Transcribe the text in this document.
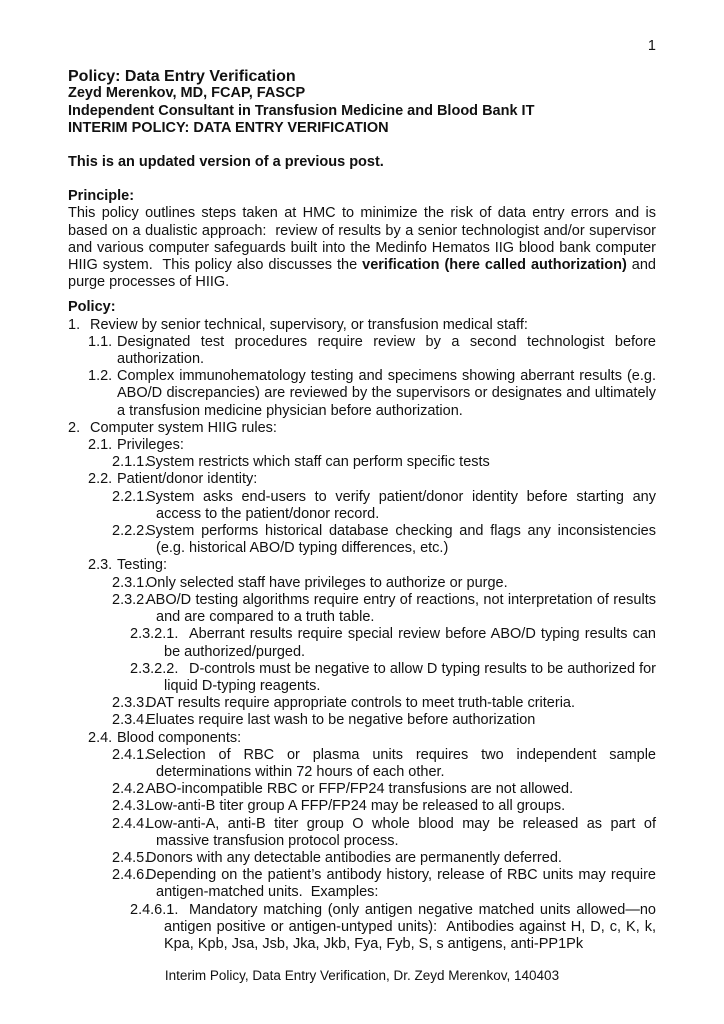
1
Policy: Data Entry Verification
Zeyd Merenkov, MD, FCAP, FASCP
Independent Consultant in Transfusion Medicine and Blood Bank IT
INTERIM POLICY: DATA ENTRY VERIFICATION
This is an updated version of a previous post.
Principle:
This policy outlines steps taken at HMC to minimize the risk of data entry errors and is based on a dualistic approach:  review of results by a senior technologist and/or supervisor and various computer safeguards built into the Medinfo Hematos IIG blood bank computer HIIG system.  This policy also discusses the verification (here called authorization) and purge processes of HIIG.
Policy:
1. Review by senior technical, supervisory, or transfusion medical staff:
1.1. Designated test procedures require review by a second technologist before authorization.
1.2. Complex immunohematology testing and specimens showing aberrant results (e.g. ABO/D discrepancies) are reviewed by the supervisors or designates and ultimately a transfusion medicine physician before authorization.
2. Computer system HIIG rules:
2.1. Privileges:
2.1.1.System restricts which staff can perform specific tests
2.2. Patient/donor identity:
2.2.1.System asks end-users to verify patient/donor identity before starting any access to the patient/donor record.
2.2.2.System performs historical database checking and flags any inconsistencies (e.g. historical ABO/D typing differences, etc.)
2.3. Testing:
2.3.1.Only selected staff have privileges to authorize or purge.
2.3.2.ABO/D testing algorithms require entry of reactions, not interpretation of results and are compared to a truth table.
2.3.2.1. Aberrant results require special review before ABO/D typing results can be authorized/purged.
2.3.2.2. D-controls must be negative to allow D typing results to be authorized for liquid D-typing reagents.
2.3.3.DAT results require appropriate controls to meet truth-table criteria.
2.3.4.Eluates require last wash to be negative before authorization
2.4. Blood components:
2.4.1.Selection of RBC or plasma units requires two independent sample determinations within 72 hours of each other.
2.4.2.ABO-incompatible RBC or FFP/FP24 transfusions are not allowed.
2.4.3.Low-anti-B titer group A FFP/FP24 may be released to all groups.
2.4.4.Low-anti-A, anti-B titer group O whole blood may be released as part of massive transfusion protocol process.
2.4.5.Donors with any detectable antibodies are permanently deferred.
2.4.6.Depending on the patient’s antibody history, release of RBC units may require antigen-matched units.  Examples:
2.4.6.1. Mandatory matching (only antigen negative matched units allowed—no antigen positive or antigen-untyped units):  Antibodies against H, D, c, K, k, Kpa, Kpb, Jsa, Jsb, Jka, Jkb, Fya, Fyb, S, s antigens, anti-PP1Pk
Interim Policy, Data Entry Verification, Dr. Zeyd Merenkov, 140403
